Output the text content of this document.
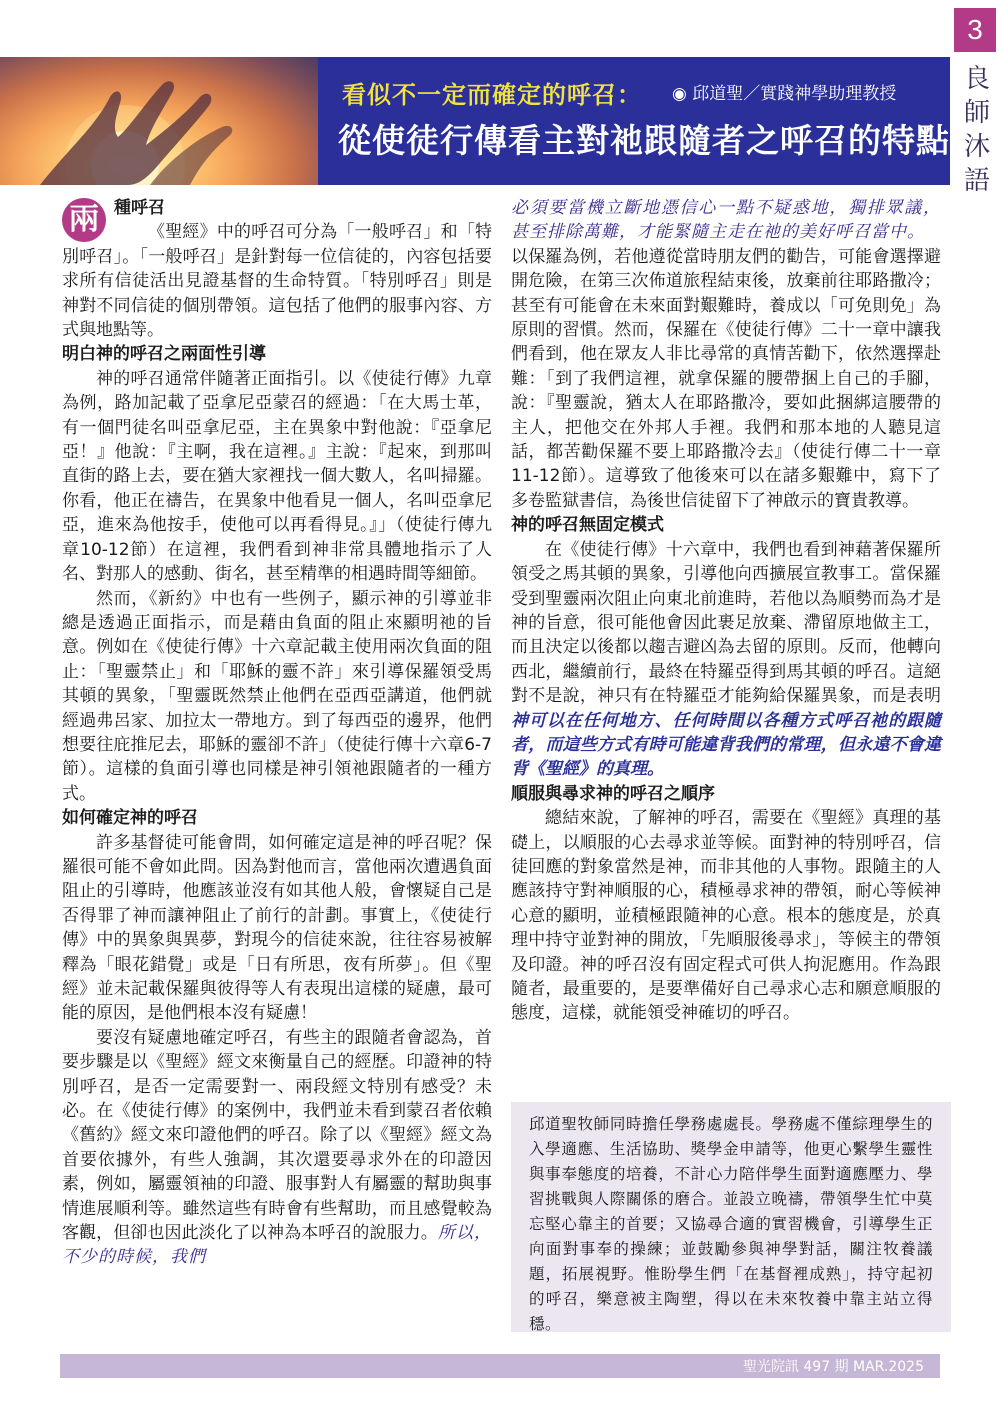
3
良師沐語
看似不一定而確定的呼召： ◉ 邱道聖／實踐神學助理教授
從使徒行傳看主對祂跟隨者之呼召的特點
兩 種呼召

《聖經》中的呼召可分為「一般呼召」和「特別呼召」。「一般呼召」是針對每一位信徒的，內容包括要求所有信徒活出見證基督的生命特質。「特別呼召」則是神對不同信徒的個別帶領。這包括了他們的服事內容、方式與地點等。

明白神的呼召之兩面性引導

神的呼召通常伴隨著正面指引。以《使徒行傳》九章為例，路加記載了亞拿尼亞蒙召的經過：「在大馬士革，有一個門徒名叫亞拿尼亞，主在異象中對他說：『亞拿尼亞！』他說：『主啊，我在這裡。』主說：『起來，到那叫直街的路上去，要在猶大家裡找一個大數人，名叫掃羅。你看，他正在禱告，在異象中他看見一個人，名叫亞拿尼亞，進來為他按手，使他可以再看得見。』」（使徒行傳九章10-12節）在這裡，我們看到神非常具體地指示了人名、對那人的感動、街名，甚至精準的相遇時間等細節。

然而，《新約》中也有一些例子，顯示神的引導並非總是透過正面指示，而是藉由負面的阻止來顯明祂的旨意。例如在《使徒行傳》十六章記載主使用兩次負面的阻止：「聖靈禁止」和「耶穌的靈不許」來引導保羅領受馬其頓的異象，「聖靈既然禁止他們在亞西亞講道，他們就經過弗呂家、加拉太一帶地方。到了每西亞的邊界，他們想要往庇推尼去，耶穌的靈卻不許」（使徒行傳十六章6-7節）。這樣的負面引導也同樣是神引領祂跟隨者的一種方式。

如何確定神的呼召

許多基督徒可能會問，如何確定這是神的呼召呢？保羅很可能不會如此問。因為對他而言，當他兩次遭遇負面阻止的引導時，他應該並沒有如其他人般，會懷疑自己是否得罪了神而讓神阻止了前行的計劃。事實上，《使徒行傳》中的異象與異夢，對現今的信徒來說，往往容易被解釋為「眼花錯覺」或是「日有所思，夜有所夢」。但《聖經》並未記載保羅與彼得等人有表現出這樣的疑慮，最可能的原因，是他們根本沒有疑慮！

要沒有疑慮地確定呼召，有些主的跟隨者會認為，首要步驟是以《聖經》經文來衡量自己的經歷。印證神的特別呼召，是否一定需要對一、兩段經文特別有感受？未必。在《使徒行傳》的案例中，我們並未看到蒙召者依賴《舊約》經文來印證他們的呼召。除了以《聖經》經文為首要依據外，有些人強調，其次還要尋求外在的印證因素，例如，屬靈領袖的印證、服事對人有屬靈的幫助與事情進展順利等。雖然這些有時會有些幫助，而且感覺較為客觀，但卻也因此淡化了以神為本呼召的說服力。所以，不少的時候，我們

必須要當機立斷地憑信心一點不疑惑地，獨排眾議，甚至排除萬難，才能緊隨主走在祂的美好呼召當中。

以保羅為例，若他遵從當時朋友們的勸告，可能會選擇避開危險，在第三次佈道旅程結束後，放棄前往耶路撒冷；甚至有可能會在未來面對艱難時，養成以「可免則免」為原則的習慣。然而，保羅在《使徒行傳》二十一章中讓我們看到，他在眾友人非比尋常的真情苦勸下，依然選擇赴難：「到了我們這裡，就拿保羅的腰帶捆上自己的手腳，說：『聖靈說，猶太人在耶路撒冷，要如此捆綁這腰帶的主人，把他交在外邦人手裡。我們和那本地的人聽見這話，都苦勸保羅不要上耶路撒冷去』（使徒行傳二十一章11-12節）。這導致了他後來可以在諸多艱難中，寫下了多卷監獄書信，為後世信徒留下了神啟示的寶貴教導。

神的呼召無固定模式

在《使徒行傳》十六章中，我們也看到神藉著保羅所領受之馬其頓的異象，引導他向西擴展宣教事工。當保羅受到聖靈兩次阻止向東北前進時，若他以為順勢而為才是神的旨意，很可能他會因此裹足放棄、滯留原地做主工，而且決定以後都以趨吉避凶為去留的原則。反而，他轉向西北，繼續前行，最終在特羅亞得到馬其頓的呼召。這絕對不是說，神只有在特羅亞才能夠給保羅異象，而是表明神可以在任何地方、任何時間以各種方式呼召祂的跟隨者，而這些方式有時可能違背我們的常理，但永遠不會違背《聖經》的真理。

順服與尋求神的呼召之順序

總結來說，了解神的呼召，需要在《聖經》真理的基礎上，以順服的心去尋求並等候。面對神的特別呼召，信徒回應的對象當然是神，而非其他的人事物。跟隨主的人應該持守對神順服的心，積極尋求神的帶領，耐心等候神心意的顯明，並積極跟隨神的心意。根本的態度是，於真理中持守並對神的開放，「先順服後尋求」，等候主的帶領及印證。神的呼召沒有固定程式可供人拘泥應用。作為跟隨者，最重要的，是要準備好自己尋求心志和願意順服的態度，這樣，就能領受神確切的呼召。

邱道聖牧師同時擔任學務處處長。學務處不僅綜理學生的入學適應、生活協助、獎學金申請等，他更心繫學生靈性與事奉態度的培養，不計心力陪伴學生面對適應壓力、學習挑戰與人際關係的磨合。並設立晚禱，帶領學生忙中莫忘堅心靠主的首要；又協尋合適的實習機會，引導學生正向面對事奉的操練；並鼓勵參與神學對話，關注牧養議題，拓展視野。惟盼學生們「在基督裡成熟」，持守起初的呼召，樂意被主陶塑，得以在未來牧養中靠主站立得穩。

聖光院訊 497 期 MAR.2025
